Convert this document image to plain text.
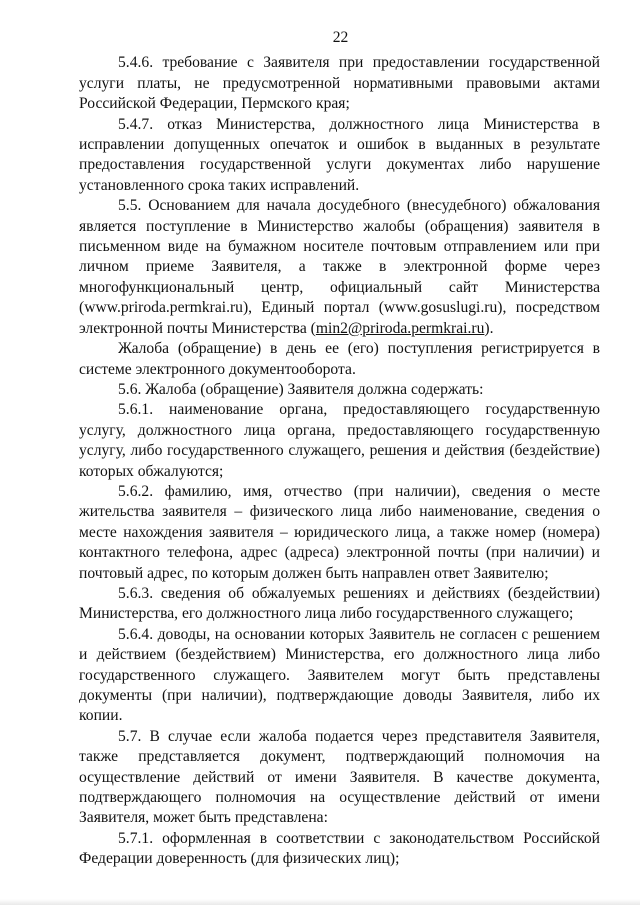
22

5.4.6. требование с Заявителя при предоставлении государственной услуги платы, не предусмотренной нормативными правовыми актами Российской Федерации, Пермского края;

5.4.7. отказ Министерства, должностного лица Министерства в исправлении допущенных опечаток и ошибок в выданных в результате предоставления государственной услуги документах либо нарушение установленного срока таких исправлений.

5.5. Основанием для начала досудебного (внесудебного) обжалования является поступление в Министерство жалобы (обращения) заявителя в письменном виде на бумажном носителе почтовым отправлением или при личном приеме Заявителя, а также в электронной форме через многофункциональный центр, официальный сайт Министерства (www.priroda.permkrai.ru), Единый портал (www.gosuslugi.ru), посредством электронной почты Министерства (min2@priroda.permkrai.ru).

Жалоба (обращение) в день ее (его) поступления регистрируется в системе электронного документооборота.

5.6. Жалоба (обращение) Заявителя должна содержать:

5.6.1. наименование органа, предоставляющего государственную услугу, должностного лица органа, предоставляющего государственную услугу, либо государственного служащего, решения и действия (бездействие) которых обжалуются;

5.6.2. фамилию, имя, отчество (при наличии), сведения о месте жительства заявителя – физического лица либо наименование, сведения о месте нахождения заявителя – юридического лица, а также номер (номера) контактного телефона, адрес (адреса) электронной почты (при наличии) и почтовый адрес, по которым должен быть направлен ответ Заявителю;

5.6.3. сведения об обжалуемых решениях и действиях (бездействии) Министерства, его должностного лица либо государственного служащего;

5.6.4. доводы, на основании которых Заявитель не согласен с решением и действием (бездействием) Министерства, его должностного лица либо государственного служащего. Заявителем могут быть представлены документы (при наличии), подтверждающие доводы Заявителя, либо их копии.

5.7. В случае если жалоба подается через представителя Заявителя, также представляется документ, подтверждающий полномочия на осуществление действий от имени Заявителя. В качестве документа, подтверждающего полномочия на осуществление действий от имени Заявителя, может быть представлена:

5.7.1. оформленная в соответствии с законодательством Российской Федерации доверенность (для физических лиц);
